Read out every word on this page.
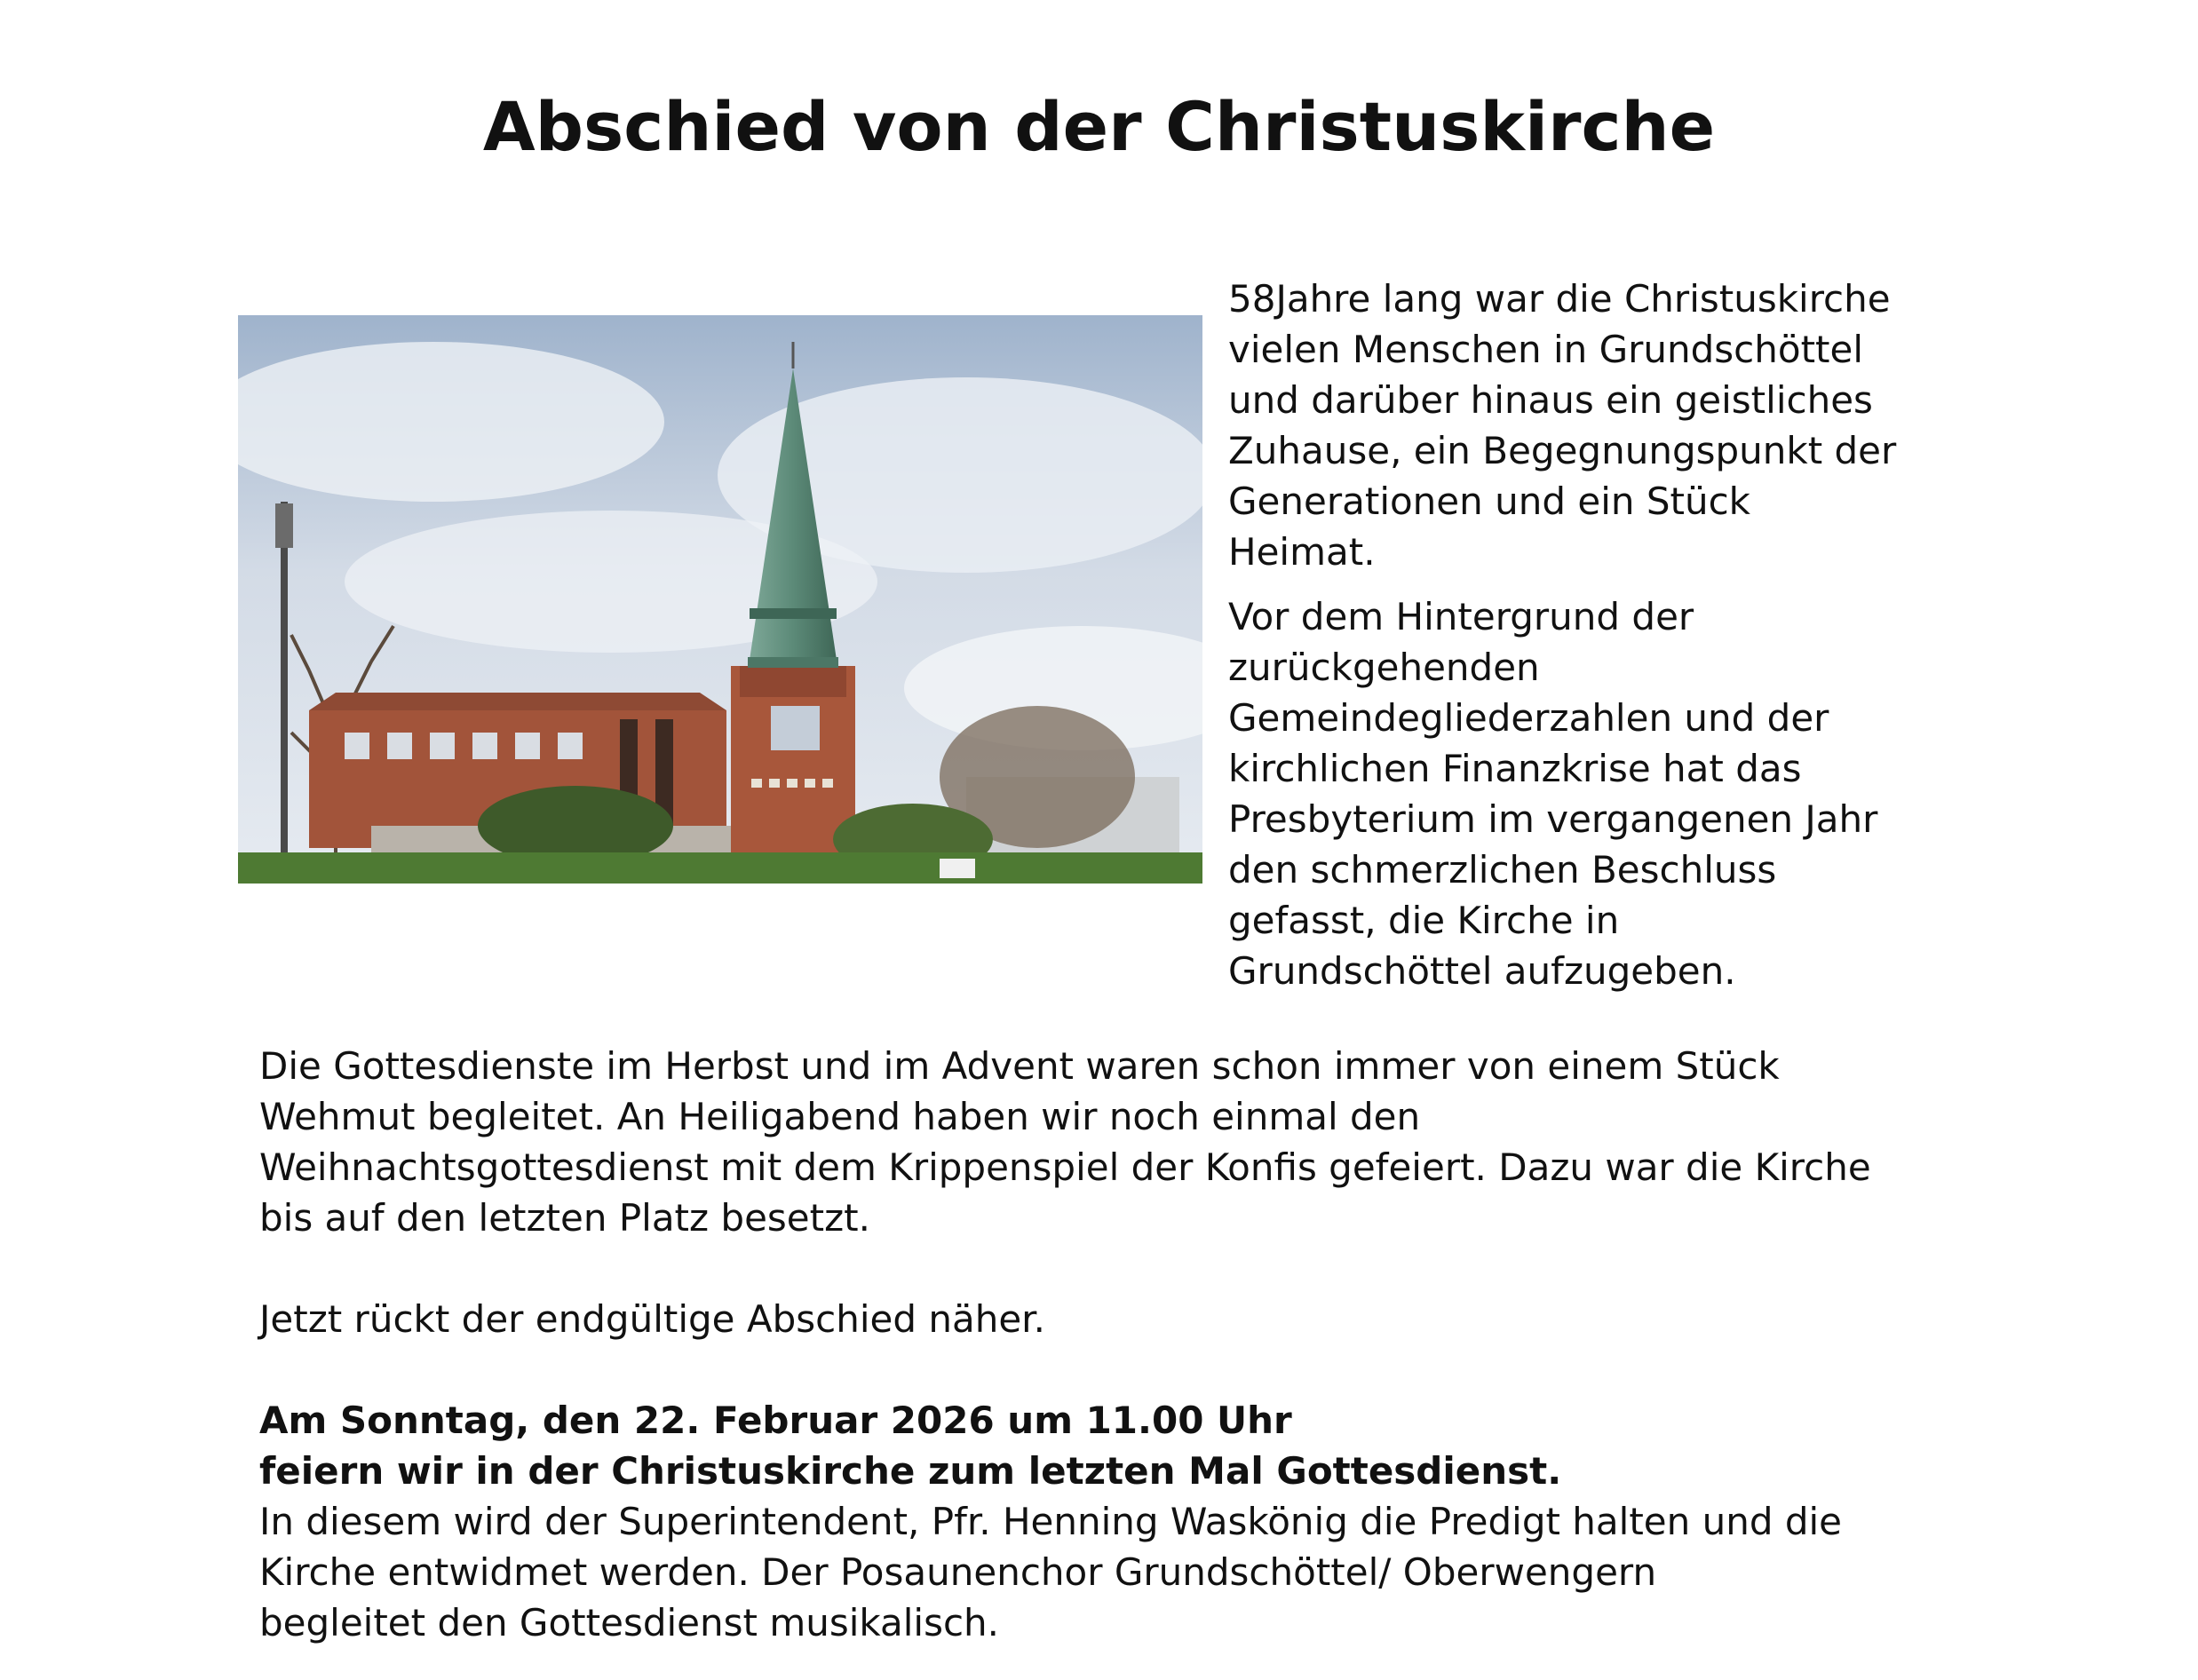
Abschied von der Christuskirche

58Jahre lang war die Christuskirche
vielen Menschen in Grundschöttel
und darüber hinaus ein geistliches
Zuhause, ein Begegnungspunkt der
Generationen und ein Stück
Heimat.

Vor dem Hintergrund der
zurückgehenden
Gemeindegliederzahlen und der
kirchlichen Finanzkrise hat das
Presbyterium im vergangenen Jahr
den schmerzlichen Beschluss
gefasst, die Kirche in
Grundschöttel aufzugeben.

Die Gottesdienste im Herbst und im Advent waren schon immer von einem Stück
Wehmut begleitet. An Heiligabend haben wir noch einmal den
Weihnachtsgottesdienst mit dem Krippenspiel der Konfis gefeiert. Dazu war die Kirche
bis auf den letzten Platz besetzt.

Jetzt rückt der endgültige Abschied näher.

Am Sonntag, den 22. Februar 2026 um 11.00 Uhr
feiern wir in der Christuskirche zum letzten Mal Gottesdienst.

In diesem wird der Superintendent, Pfr. Henning Waskönig die Predigt halten und die
Kirche entwidmet werden. Der Posaunenchor Grundschöttel/ Oberwengern
begleitet den Gottesdienst musikalisch.
